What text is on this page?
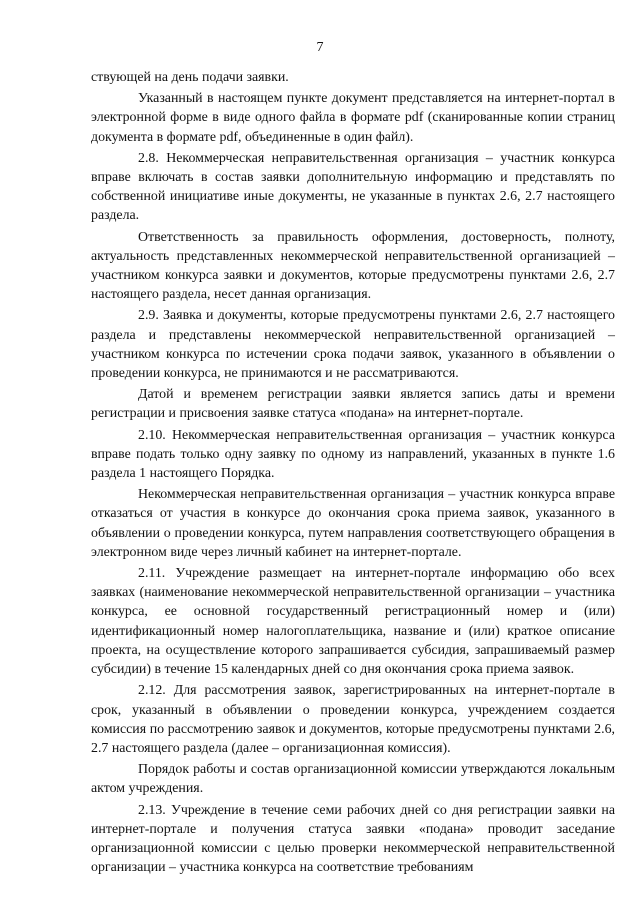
7

ствующей на день подачи заявки.

Указанный в настоящем пункте документ представляется на интернет-портал в электронной форме в виде одного файла в формате pdf (сканированные копии страниц документа в формате pdf, объединенные в один файл).

2.8. Некоммерческая неправительственная организация – участник конкурса вправе включать в состав заявки дополнительную информацию и представлять по собственной инициативе иные документы, не указанные в пунктах 2.6, 2.7 настоящего раздела.

Ответственность за правильность оформления, достоверность, полноту, актуальность представленных некоммерческой неправительственной организацией – участником конкурса заявки и документов, которые предусмотрены пунктами 2.6, 2.7 настоящего раздела, несет данная организация.

2.9. Заявка и документы, которые предусмотрены пунктами 2.6, 2.7 настоящего раздела и представлены некоммерческой неправительственной организацией – участником конкурса по истечении срока подачи заявок, указанного в объявлении о проведении конкурса, не принимаются и не рассматриваются.

Датой и временем регистрации заявки является запись даты и времени регистрации и присвоения заявке статуса «подана» на интернет-портале.

2.10. Некоммерческая неправительственная организация – участник конкурса вправе подать только одну заявку по одному из направлений, указанных в пункте 1.6 раздела 1 настоящего Порядка.

Некоммерческая неправительственная организация – участник конкурса вправе отказаться от участия в конкурсе до окончания срока приема заявок, указанного в объявлении о проведении конкурса, путем направления соответствующего обращения в электронном виде через личный кабинет на интернет-портале.

2.11. Учреждение размещает на интернет-портале информацию обо всех заявках (наименование некоммерческой неправительственной организации – участника конкурса, ее основной государственный регистрационный номер и (или) идентификационный номер налогоплательщика, название и (или) краткое описание проекта, на осуществление которого запрашивается субсидия, запрашиваемый размер субсидии) в течение 15 календарных дней со дня окончания срока приема заявок.

2.12. Для рассмотрения заявок, зарегистрированных на интернет-портале в срок, указанный в объявлении о проведении конкурса, учреждением создается комиссия по рассмотрению заявок и документов, которые предусмотрены пунктами 2.6, 2.7 настоящего раздела (далее – организационная комиссия).

Порядок работы и состав организационной комиссии утверждаются локальным актом учреждения.

2.13. Учреждение в течение семи рабочих дней со дня регистрации заявки на интернет-портале и получения статуса заявки «подана» проводит заседание организационной комиссии с целью проверки некоммерческой неправительственной организации – участника конкурса на соответствие требованиям
